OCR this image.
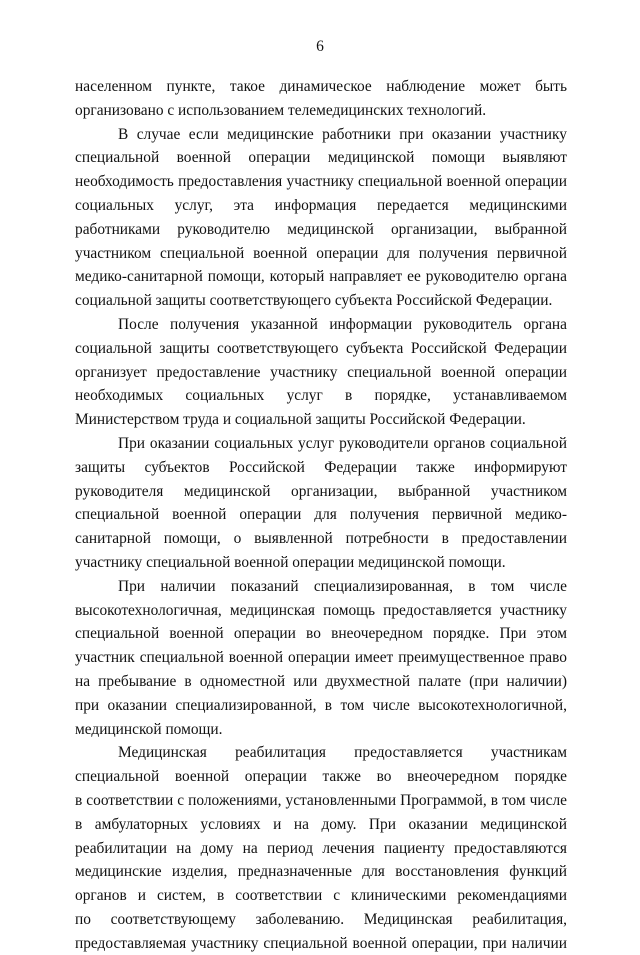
6
населенном пункте, такое динамическое наблюдение может быть
организовано с использованием телемедицинских технологий.
В случае если медицинские работники при оказании участнику
специальной военной операции медицинской помощи выявляют
необходимость предоставления участнику специальной военной операции
социальных услуг, эта информация передается медицинскими
работниками руководителю медицинской организации, выбранной
участником специальной военной операции для получения первичной
медико-санитарной помощи, который направляет ее руководителю органа
социальной защиты соответствующего субъекта Российской Федерации.
После получения указанной информации руководитель органа
социальной защиты соответствующего субъекта Российской Федерации
организует предоставление участнику специальной военной операции
необходимых социальных услуг в порядке, устанавливаемом
Министерством труда и социальной защиты Российской Федерации.
При оказании социальных услуг руководители органов социальной
защиты субъектов Российской Федерации также информируют
руководителя медицинской организации, выбранной участником
специальной военной операции для получения первичной медико-
санитарной помощи, о выявленной потребности в предоставлении
участнику специальной военной операции медицинской помощи.
При наличии показаний специализированная, в том числе
высокотехнологичная, медицинская помощь предоставляется участнику
специальной военной операции во внеочередном порядке. При этом
участник специальной военной операции имеет преимущественное право
на пребывание в одноместной или двухместной палате (при наличии)
при оказании специализированной, в том числе высокотехнологичной,
медицинской помощи.
Медицинская реабилитация предоставляется участникам
специальной военной операции также во внеочередном порядке
в соответствии с положениями, установленными Программой, в том числе
в амбулаторных условиях и на дому. При оказании медицинской
реабилитации на дому на период лечения пациенту предоставляются
медицинские изделия, предназначенные для восстановления функций
органов и систем, в соответствии с клиническими рекомендациями
по соответствующему заболеванию. Медицинская реабилитация,
предоставляемая участнику специальной военной операции, при наличии
